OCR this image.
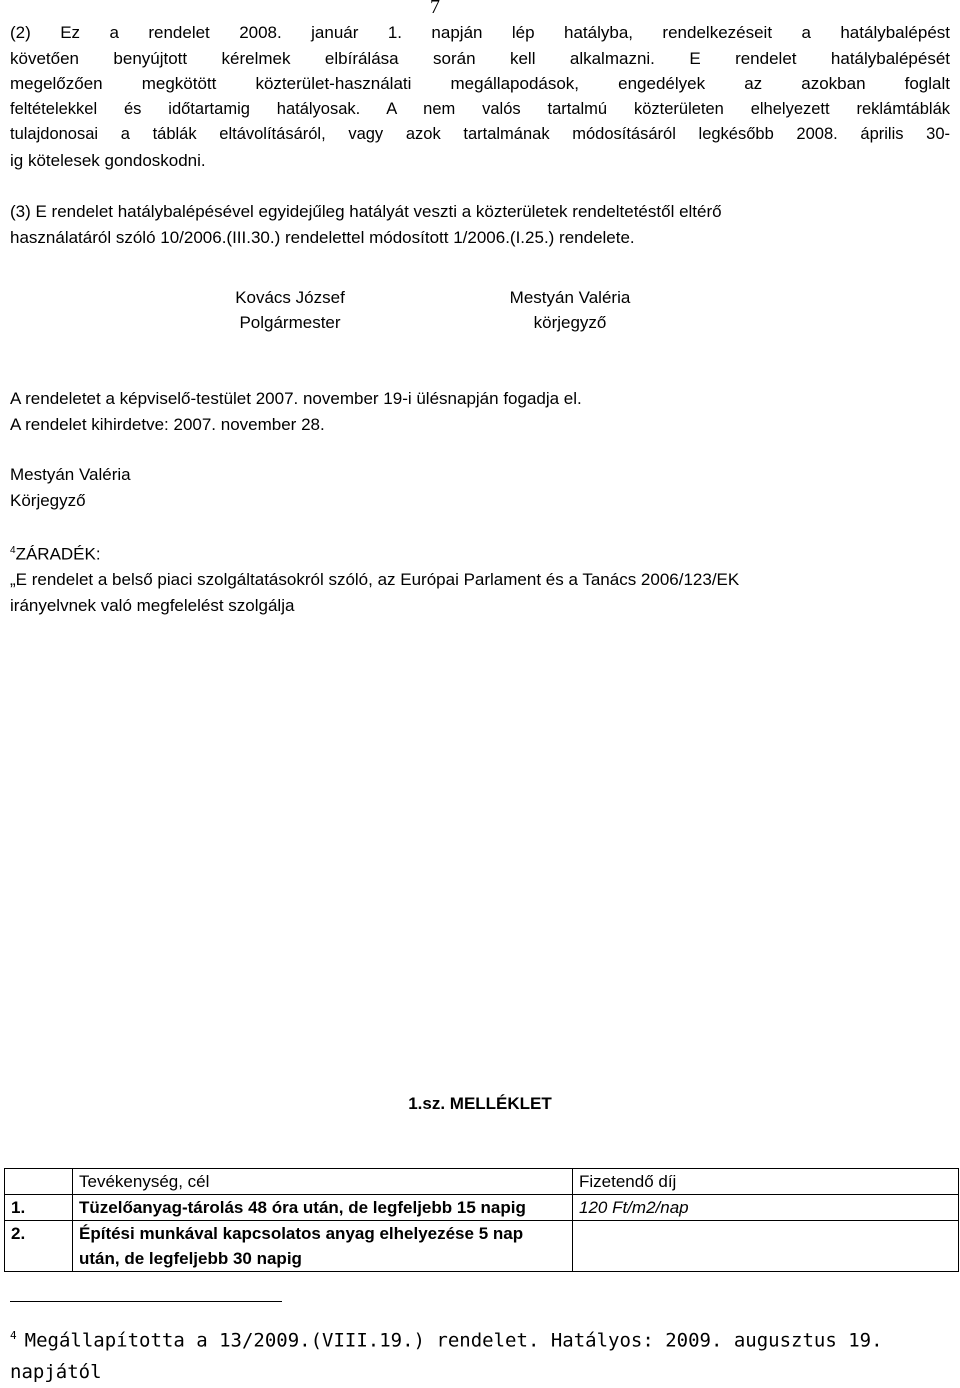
7
(2) Ez a rendelet 2008. január 1. napján lép hatályba, rendelkezéseit a hatálybalépést
követően benyújtott kérelmek elbírálása során kell alkalmazni. E rendelet hatálybalépését
megelőzően megkötött közterület-használati megállapodások, engedélyek az azokban foglalt
feltételekkel és időtartamig hatályosak. A nem valós tartalmú közterületen elhelyezett reklámtáblák
tulajdonosai a táblák eltávolításáról, vagy azok tartalmának módosításáról legkésőbb 2008. április 30-
ig kötelesek gondoskodni.
(3) E rendelet hatálybalépésével egyidejűleg hatályát veszti a közterületek rendeltetéstől eltérő
használatáról szóló 10/2006.(III.30.) rendelettel módosított 1/2006.(I.25.) rendelete.
Kovács József
Polgármester
Mestyán Valéria
körjegyző
A rendeletet a képviselő-testület 2007. november 19-i ülésnapján fogadja el.
A rendelet kihirdetve: 2007. november 28.
Mestyán Valéria
Körjegyző
$^4$ZÁRADÉK:
„E rendelet a belső piaci szolgáltatásokról szóló, az Európai Parlament és a Tanács 2006/123/EK
irányelvnek való megfelelést szolgálja
1.sz. MELLÉKLET
	Tevékenység, cél	Fizetendő díj
1.	Tüzelőanyag-tárolás 48 óra után, de legfeljebb 15 napig	120 Ft/m2/nap
2.	Építési munkával kapcsolatos anyag elhelyezése 5 nap után, de legfeljebb 30 napig	
$^4$ Megállapította a 13/2009.(VIII.19.) rendelet. Hatályos: 2009. augusztus 19. napjától
